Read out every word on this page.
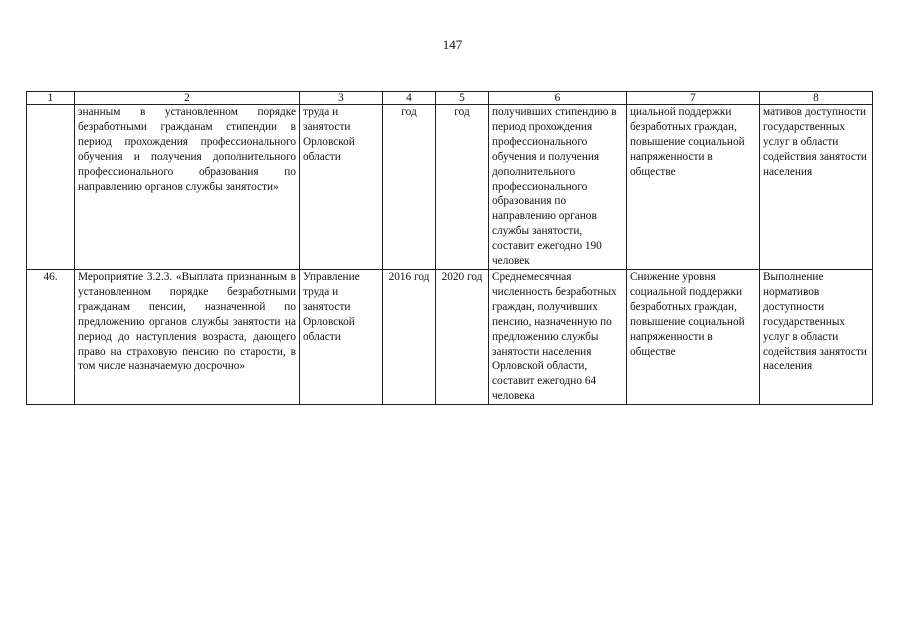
147
1	2	3	4	5	6	7	8
	знанным в установленном порядке безработными гражданам стипендии в период прохождения профессионального обучения и получения дополнительного профессионального образования по направлению органов службы занятости»	труда и занятости Орловской области	год	год	получивших стипендию в период прохождения профессионального обучения и получения дополнительного профессионального образования по направлению органов службы занятости, составит ежегодно 190 человек	циальной поддержки безработных граждан, повышение социальной напряженности в обществе	мативов доступности государственных услуг в области содействия занятости населения
46.	Мероприятие 3.2.3. «Выплата признанным в установленном порядке безработными гражданам пенсии, назначенной по предложению органов службы занятости на период до наступления возраста, дающего право на страховую пенсию по старости, в том числе назначаемую досрочно»	Управление труда и занятости Орловской области	2016 год	2020 год	Среднемесячная численность безработных граждан, получивших пенсию, назначенную по предложению службы занятости населения Орловской области, составит ежегодно 64 человека	Снижение уровня социальной поддержки безработных граждан, повышение социальной напряженности в обществе	Выполнение нормативов доступности государственных услуг в области содействия занятости населения
